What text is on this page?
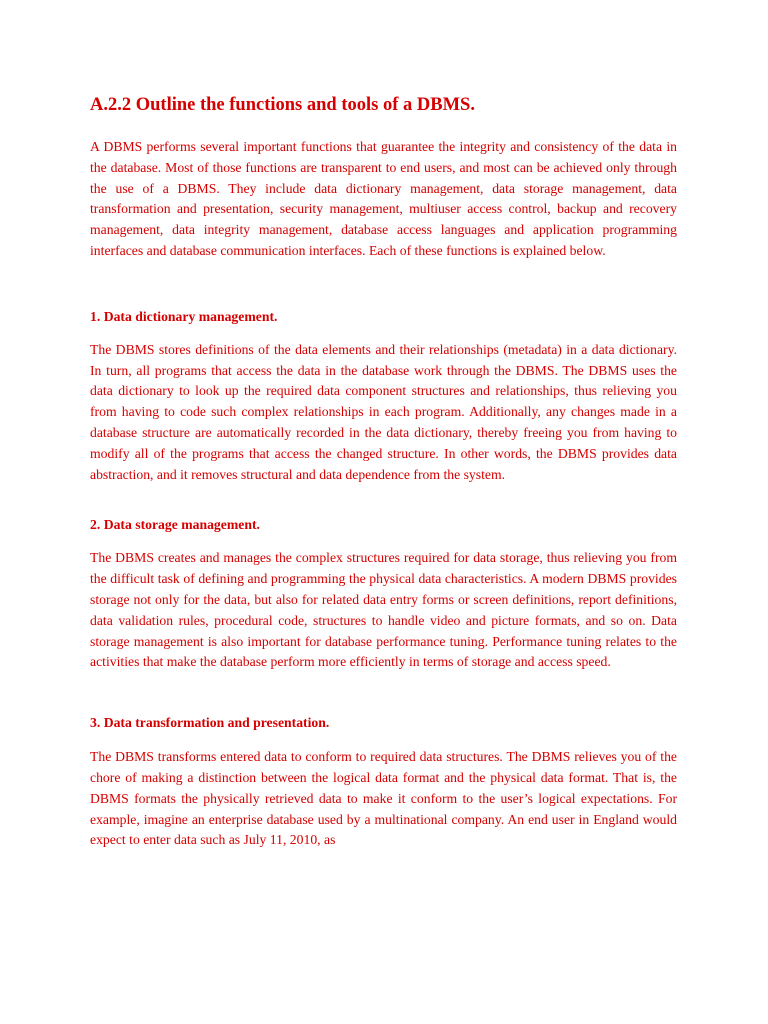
A.2.2 Outline the functions and tools of a DBMS.

A DBMS performs several important functions that guarantee the integrity and consistency of the data in the database. Most of those functions are transparent to end users, and most can be achieved only through the use of a DBMS. They include data dictionary management, data storage management, data transformation and presentation, security management, multiuser access control, backup and recovery management, data integrity management, database access languages and application programming interfaces and database communication interfaces. Each of these functions is explained below.

1. Data dictionary management.

The DBMS stores definitions of the data elements and their relationships (metadata) in a data dictionary. In turn, all programs that access the data in the database work through the DBMS. The DBMS uses the data dictionary to look up the required data component structures and relationships, thus relieving you from having to code such complex relationships in each program. Additionally, any changes made in a database structure are automatically recorded in the data dictionary, thereby freeing you from having to modify all of the programs that access the changed structure. In other words, the DBMS provides data abstraction, and it removes structural and data dependence from the system.

2. Data storage management.

The DBMS creates and manages the complex structures required for data storage, thus relieving you from the difficult task of defining and programming the physical data characteristics. A modern DBMS provides storage not only for the data, but also for related data entry forms or screen definitions, report definitions, data validation rules, procedural code, structures to handle video and picture formats, and so on. Data storage management is also important for database performance tuning. Performance tuning relates to the activities that make the database perform more efficiently in terms of storage and access speed.

3. Data transformation and presentation.

The DBMS transforms entered data to conform to required data structures. The DBMS relieves you of the chore of making a distinction between the logical data format and the physical data format. That is, the DBMS formats the physically retrieved data to make it conform to the user’s logical expectations. For example, imagine an enterprise database used by a multinational company. An end user in England would expect to enter data such as July 11, 2010, as
